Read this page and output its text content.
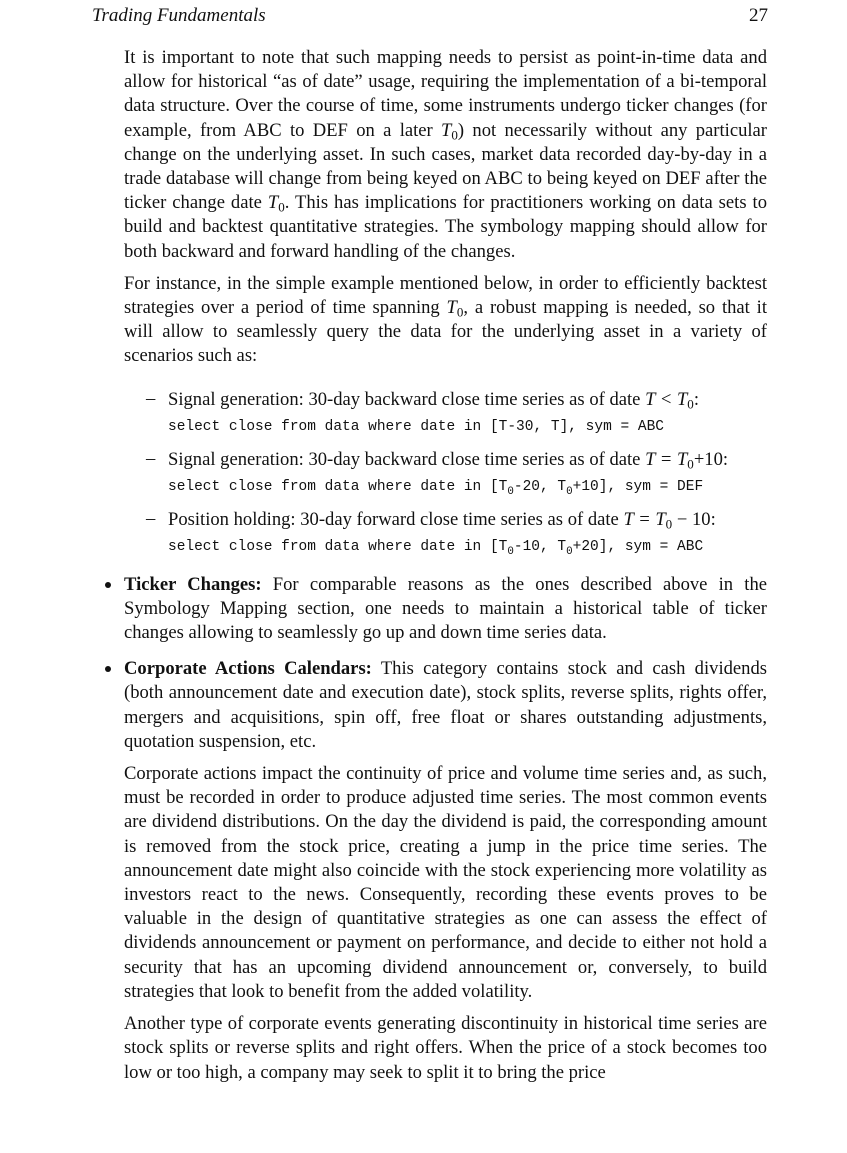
Trading Fundamentals	27

It is important to note that such mapping needs to persist as point-in-time data and allow for historical “as of date” usage, requiring the implementation of a bi-temporal data structure. Over the course of time, some instruments undergo ticker changes (for example, from ABC to DEF on a later $T_0$) not necessarily without any particular change on the underlying asset. In such cases, market data recorded day-by-day in a trade database will change from being keyed on ABC to being keyed on DEF after the ticker change date $T_0$. This has implications for practitioners working on data sets to build and backtest quantitative strategies. The symbology mapping should allow for both backward and forward handling of the changes.

For instance, in the simple example mentioned below, in order to efficiently backtest strategies over a period of time spanning $T_0$, a robust mapping is needed, so that it will allow to seamlessly query the data for the underlying asset in a variety of scenarios such as:

– Signal generation: 30-day backward close time series as of date $T < T_0$:
select close from data where date in [T-30, T], sym = ABC
– Signal generation: 30-day backward close time series as of date $T = T_0+10$:
select close from data where date in [$T_0-20$, $T_0+10$], sym = DEF
– Position holding: 30-day forward close time series as of date $T = T_0 - 10$:
select close from data where date in [$T_0-10$, $T_0+20$], sym = ABC

Ticker Changes: For comparable reasons as the ones described above in the Symbology Mapping section, one needs to maintain a historical table of ticker changes allowing to seamlessly go up and down time series data.

Corporate Actions Calendars: This category contains stock and cash dividends (both announcement date and execution date), stock splits, reverse splits, rights offer, mergers and acquisitions, spin off, free float or shares outstanding adjustments, quotation suspension, etc.

Corporate actions impact the continuity of price and volume time series and, as such, must be recorded in order to produce adjusted time series. The most common events are dividend distributions. On the day the dividend is paid, the corresponding amount is removed from the stock price, creating a jump in the price time series. The announcement date might also coincide with the stock experiencing more volatility as investors react to the news. Consequently, recording these events proves to be valuable in the design of quantitative strategies as one can assess the effect of dividends announcement or payment on performance, and decide to either not hold a security that has an upcoming dividend announcement or, conversely, to build strategies that look to benefit from the added volatility.

Another type of corporate events generating discontinuity in historical time series are stock splits or reverse splits and right offers. When the price of a stock becomes too low or too high, a company may seek to split it to bring the price
